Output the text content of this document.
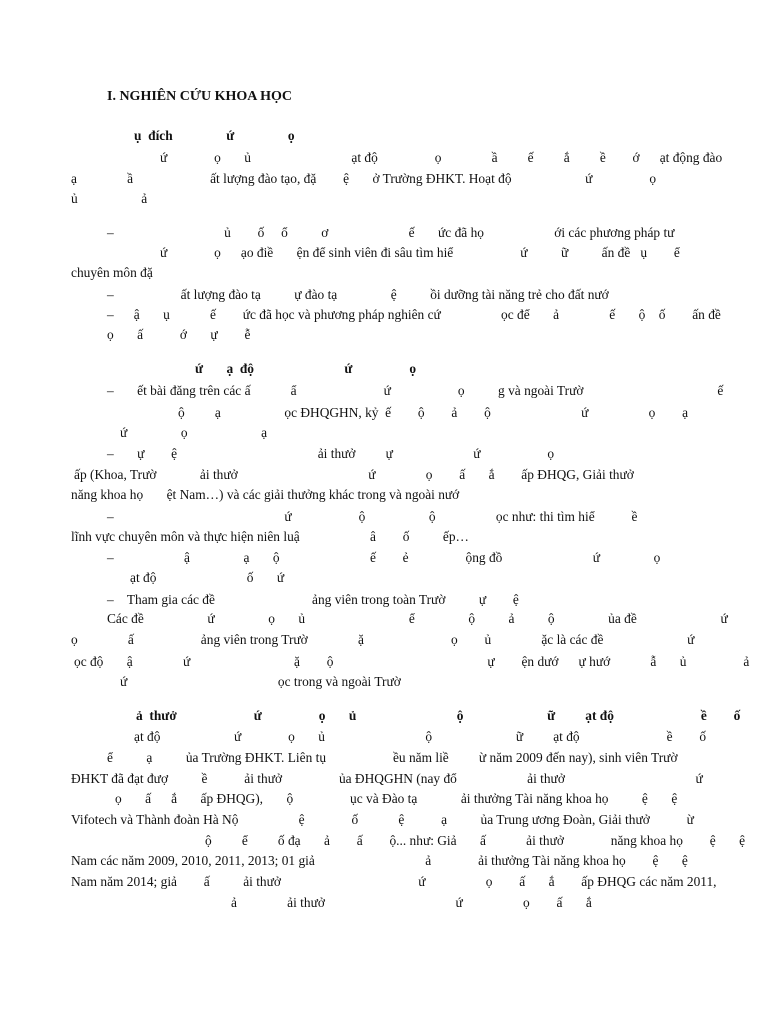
I. NGHIÊN CỨU KHOA HỌC
ụ  đích                ứ                ọ
ứ              ọ       ủ                              ạt độ                 ọ               ầ         ế         ắ         ề        ớ      ạt động đào
ạ               ầ                       ất lượng đào tạo, đặ        ệ       ở Trường ĐHKT. Hoạt độ                      ứ                 ọ
ủ                   ả
–                                 ủ        ố     ổ          ơ                        ế       ức đã họ                     ới các phương pháp tư
ứ              ọ      ạo điề       ện để sinh viên đi sâu tìm hiể                    ứ          ữ          ấn đề   ụ        ể
chuyên môn đặ
–                    ất lượng đào tạ          ự đào tạ                ệ          ồi dưỡng tài năng trẻ cho đất nướ
–      ậ       ụ            ế        ức đã học và phương pháp nghiên cứ                  ọc để       ả               ế       ộ    ố        ấn đề
ọ       ấ           ớ       ự        ễ
ứ       ạ  độ                           ứ                 ọ
–       ết bài đăng trên các ấ            ẩ                          ứ                    ọ          g và ngoài Trườ                                        ế
ộ         ạ                   ọc ĐHQGHN, kỷ  ế        ộ        ả        ộ                           ứ                  ọ        ạ
ứ                ọ                      ạ
–       ự        ệ                                          ải thưở         ự                        ứ                    ọ
ấp (Khoa, Trườ             ải thưở                                       ứ               ọ        ấ       ắ        ấp ĐHQG, Giải thưở
năng khoa họ       ệt Nam…) và các giải thưởng khác trong và ngoài nướ
–                                                   ứ                    ộ                   ộ                  ọc như: thi tìm hiể           ề
lĩnh vực chuyên môn và thực hiện niên luậ                     â        ố          ếp…
–                     ậ                ạ       ộ                           ế        ẻ                 ộng đồ                           ứ                ọ
ạt độ                           ố       ứ
–    Tham gia các đề                             ảng viên trong toàn Trườ          ự        ệ
Các đề                   ứ                ọ       ủ                               ể                ộ          ả          ộ                ủa đề                         ứ
ọ               ấ                    ảng viên trong Trườ               ặ                          ọ        ủ               ặc là các đề                         ứ
ọc độ       ậ               ứ                               ặ        ộ                                              ự        ện dướ      ự hướ            ẫ       ủ                 ả
ứ                                             ọc trong và ngoài Trườ
ả  thưở                       ứ                 ọ       ủ                              ộ                         ữ         ạt độ                          ề        ố
ạt độ                      ứ              ọ       ủ                              ộ                         ữ         ạt độ                          ề        ố
ể          ạ          ủa Trường ĐHKT. Liên tụ                    ều năm liề         ừ năm 2009 đến nay), sinh viên Trườ
ĐHKT đã đạt đượ          ề           ải thưở                 ủa ĐHQGHN (nay đổ                     ải thưở                                       ứ
ọ       ấ      ắ       ấp ĐHQG),       ộ                 ục và Đào tạ             ải thưởng Tài năng khoa họ          ệ       ệ
Vifotech và Thành đoàn Hà Nộ                  ệ              ố            ệ           ạ          ủa Trung ương Đoàn, Giải thưở           ừ
ộ         ể         ố đạ       ả        ấ        ộ... như: Giả       ấ            ải thưở              năng khoa họ        ệ       ệ
Nam các năm 2009, 2010, 2011, 2013; 01 giả                                 ả              ải thưởng Tài năng khoa họ        ệ       ệ
Nam năm 2014; giả        ấ          ải thưở                                         ứ                  ọ        ấ       ắ        ấp ĐHQG các năm 2011,
ả               ải thưở                                       ứ                  ọ        ấ       ắ
